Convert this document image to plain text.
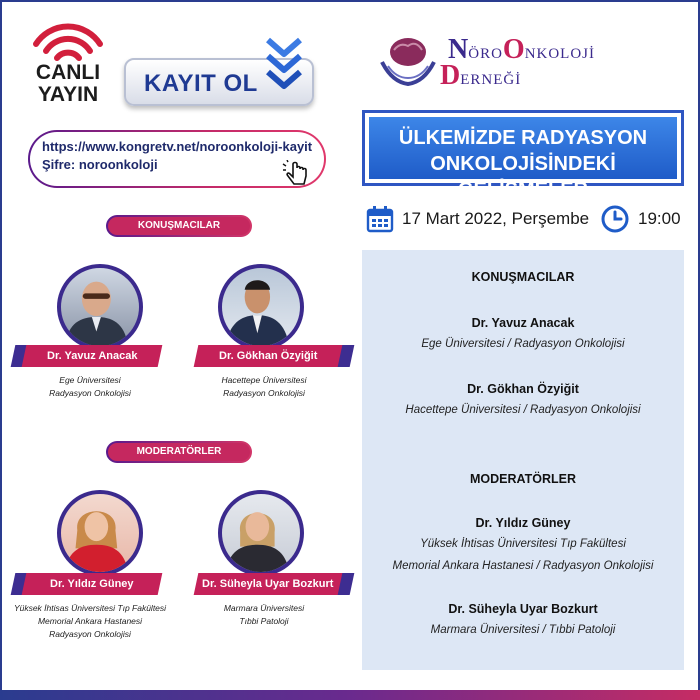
CANLI
YAYIN	KAYIT OL
https://www.kongretv.net/noroonkoloji-kayit
Şifre: noroonkoloji
KONUŞMACILAR
Dr. Yavuz Anacak
Ege Üniversitesi
Radyasyon Onkolojisi
Dr. Gökhan Özyiğit
Hacettepe Üniversitesi
Radyasyon Onkolojisi
MODERATÖRLER
Dr. Yıldız Güney
Yüksek İhtisas Üniversitesi Tıp Fakültesi
Memorial Ankara Hastanesi
Radyasyon Onkolojisi
Dr. Süheyla Uyar Bozkurt
Marmara Üniversitesi
Tıbbi Patoloji
NÖROONKOLOJİ
DERNEĞİ
ÜLKEMİZDE RADYASYON
ONKOLOJİSİNDEKİ GELİŞMELER
17 Mart 2022, Perşembe	19:00
KONUŞMACILAR
Dr. Yavuz Anacak
Ege Üniversitesi / Radyasyon Onkolojisi
Dr. Gökhan Özyiğit
Hacettepe Üniversitesi / Radyasyon Onkolojisi
MODERATÖRLER
Dr. Yıldız Güney
Yüksek İhtisas Üniversitesi Tıp Fakültesi
Memorial Ankara Hastanesi / Radyasyon Onkolojisi
Dr. Süheyla Uyar Bozkurt
Marmara Üniversitesi / Tıbbi Patoloji
